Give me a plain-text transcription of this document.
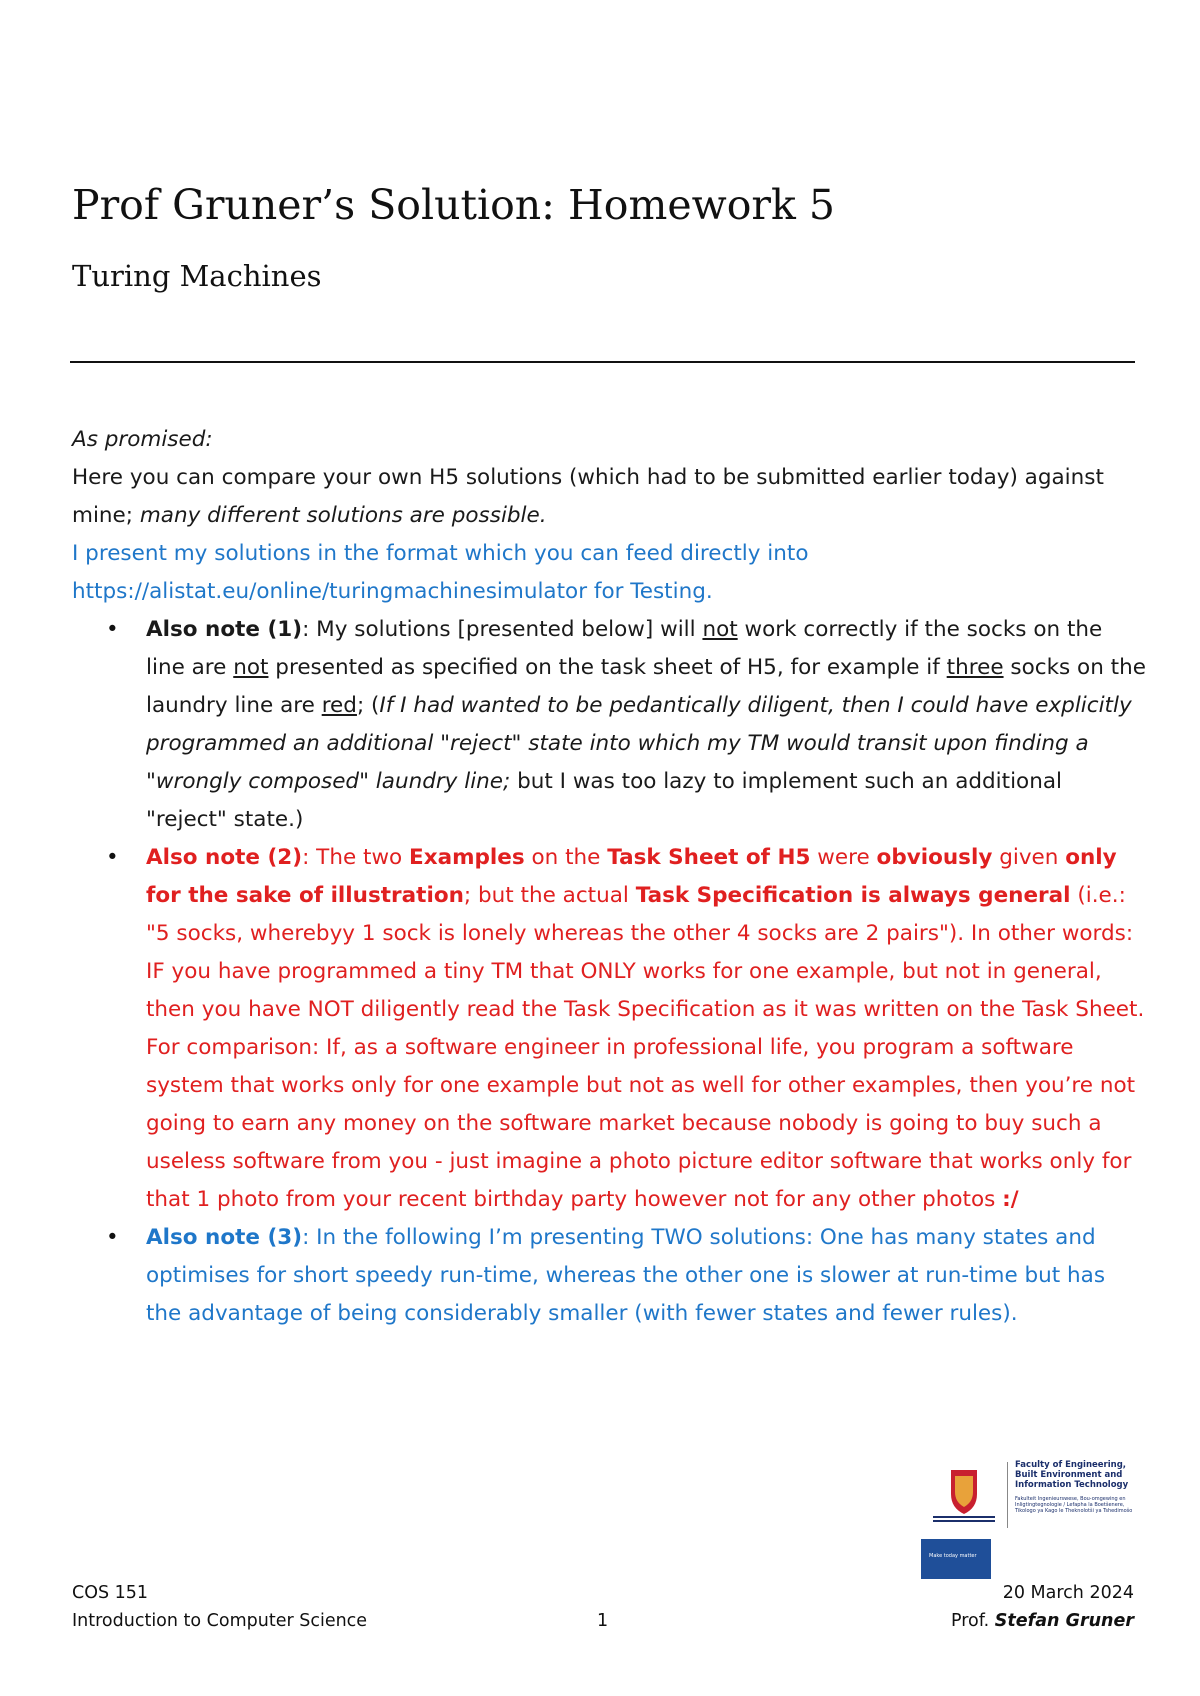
Prof Gruner’s Solution: Homework 5
Turing Machines

As promised:

Here you can compare your own H5 solutions (which had to be submitted earlier today) against mine; many different solutions are possible.

I present my solutions in the format which you can feed directly into
https://alistat.eu/online/turingmachinesimulator for Testing.

• Also note (1): My solutions [presented below] will not work correctly if the socks on the line are not presented as specified on the task sheet of H5, for example if three socks on the laundry line are red; (If I had wanted to be pedantically diligent, then I could have explicitly programmed an additional "reject" state into which my TM would transit upon finding a "wrongly composed" laundry line; but I was too lazy to implement such an additional "reject" state.)
• Also note (2): The two Examples on the Task Sheet of H5 were obviously given only for the sake of illustration; but the actual Task Specification is always general (i.e.: "5 socks, wherebyy 1 sock is lonely whereas the other 4 socks are 2 pairs"). In other words: IF you have programmed a tiny TM that ONLY works for one example, but not in general, then you have NOT diligently read the Task Specification as it was written on the Task Sheet. For comparison: If, as a software engineer in professional life, you program a software system that works only for one example but not as well for other examples, then you’re not going to earn any money on the software market because nobody is going to buy such a useless software from you - just imagine a photo picture editor software that works only for that 1 photo from your recent birthday party however not for any other photos :/
• Also note (3): In the following I’m presenting TWO solutions: One has many states and optimises for short speedy run-time, whereas the other one is slower at run-time but has the advantage of being considerably smaller (with fewer states and fewer rules).
Faculty of Engineering, Built Environment and Information Technology
Fakulteit Ingenieurswese, Bou-omgewing en Inligtingtegnologie / Lefapha la Boetšenere, Tikologo ya Kago le Theknolotši ya Tshedimošo
Make today matter
COS 151
Introduction to Computer Science	1
20 March 2024
Prof. Stefan Gruner
